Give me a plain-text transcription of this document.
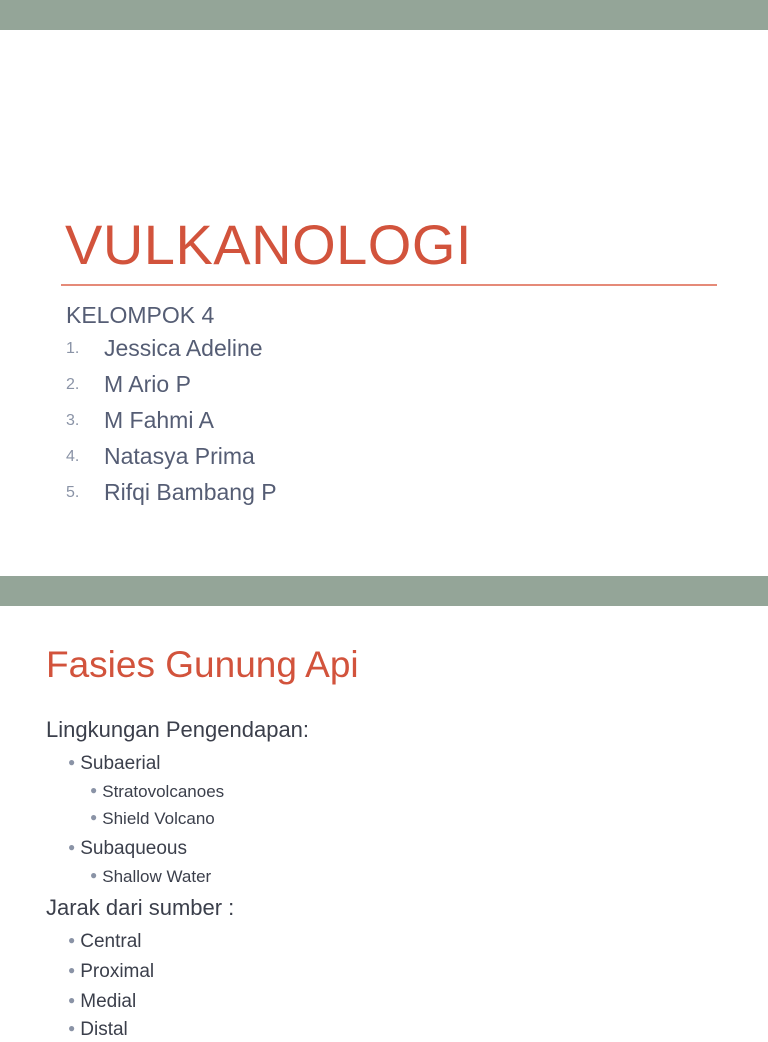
VULKANOLOGI
KELOMPOK 4
1. Jessica Adeline
2. M Ario P
3. M Fahmi A
4. Natasya Prima
5. Rifqi Bambang P
Fasies Gunung Api
Lingkungan Pengendapan:
● Subaerial
● Stratovolcanoes
● Shield Volcano
● Subaqueous
● Shallow Water
Jarak dari sumber :
● Central
● Proximal
● Medial
● Distal
